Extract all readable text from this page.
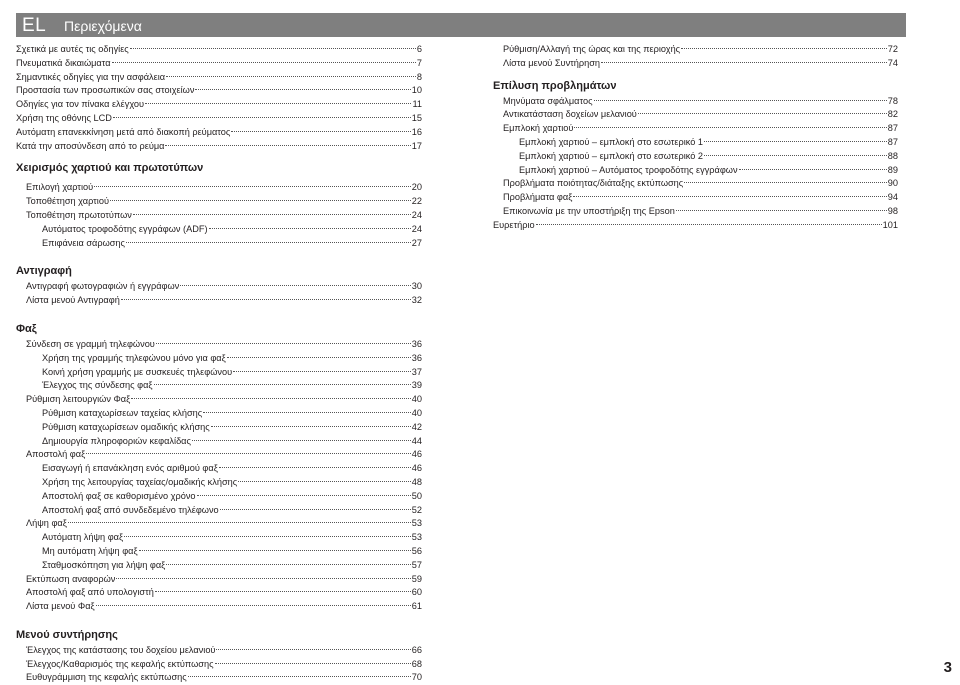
EL	Περιεχόμενα
Σχετικά με αυτές τις οδηγίες	6
Πνευματικά δικαιώματα	7
Σημαντικές οδηγίες για την ασφάλεια	8
Προστασία των προσωπικών σας στοιχείων	10
Οδηγίες για τον πίνακα ελέγχου	11
Χρήση της οθόνης LCD	15
Αυτόματη επανεκκίνηση μετά από διακοπή ρεύματος	16
Κατά την αποσύνδεση από το ρεύμα	17
Χειρισμός χαρτιού και πρωτοτύπων
Επιλογή χαρτιού	20
Τοποθέτηση χαρτιού	22
Τοποθέτηση πρωτοτύπων	24
Αυτόματος τροφοδότης εγγράφων (ADF)	24
Επιφάνεια σάρωσης	27
Αντιγραφή
Αντιγραφή φωτογραφιών ή εγγράφων	30
Λίστα μενού Αντιγραφή	32
Φαξ
Σύνδεση σε γραμμή τηλεφώνου	36
Χρήση της γραμμής τηλεφώνου μόνο για φαξ	36
Κοινή χρήση γραμμής με συσκευές τηλεφώνου	37
Έλεγχος της σύνδεσης φαξ	39
Ρύθμιση λειτουργιών Φαξ	40
Ρύθμιση καταχωρίσεων ταχείας κλήσης	40
Ρύθμιση καταχωρίσεων ομαδικής κλήσης	42
Δημιουργία πληροφοριών κεφαλίδας	44
Αποστολή φαξ	46
Εισαγωγή ή επανάκληση ενός αριθμού φαξ	46
Χρήση της λειτουργίας ταχείας/ομαδικής κλήσης	48
Αποστολή φαξ σε καθορισμένο χρόνο	50
Αποστολή φαξ από συνδεδεμένο τηλέφωνο	52
Λήψη φαξ	53
Αυτόματη λήψη φαξ	53
Μη αυτόματη λήψη φαξ	56
Σταθμοσκόπηση για λήψη φαξ	57
Εκτύπωση αναφορών	59
Αποστολή φαξ από υπολογιστή	60
Λίστα μενού Φαξ	61
Μενού συντήρησης
Έλεγχος της κατάστασης του δοχείου μελανιού	66
Έλεγχος/Καθαρισμός της κεφαλής εκτύπωσης	68
Ευθυγράμμιση της κεφαλής εκτύπωσης	70
Ρύθμιση/Αλλαγή της ώρας και της περιοχής	72
Λίστα μενού Συντήρηση	74
Επίλυση προβλημάτων
Μηνύματα σφάλματος	78
Αντικατάσταση δοχείων μελανιού	82
Εμπλοκή χαρτιού	87
Εμπλοκή χαρτιού – εμπλοκή στο εσωτερικό 1	87
Εμπλοκή χαρτιού – εμπλοκή στο εσωτερικό 2	88
Εμπλοκή χαρτιού – Αυτόματος τροφοδότης εγγράφων	89
Προβλήματα ποιότητας/διάταξης εκτύπωσης	90
Προβλήματα φαξ	94
Επικοινωνία με την υποστήριξη της Epson	98
Ευρετήριο	101
3
